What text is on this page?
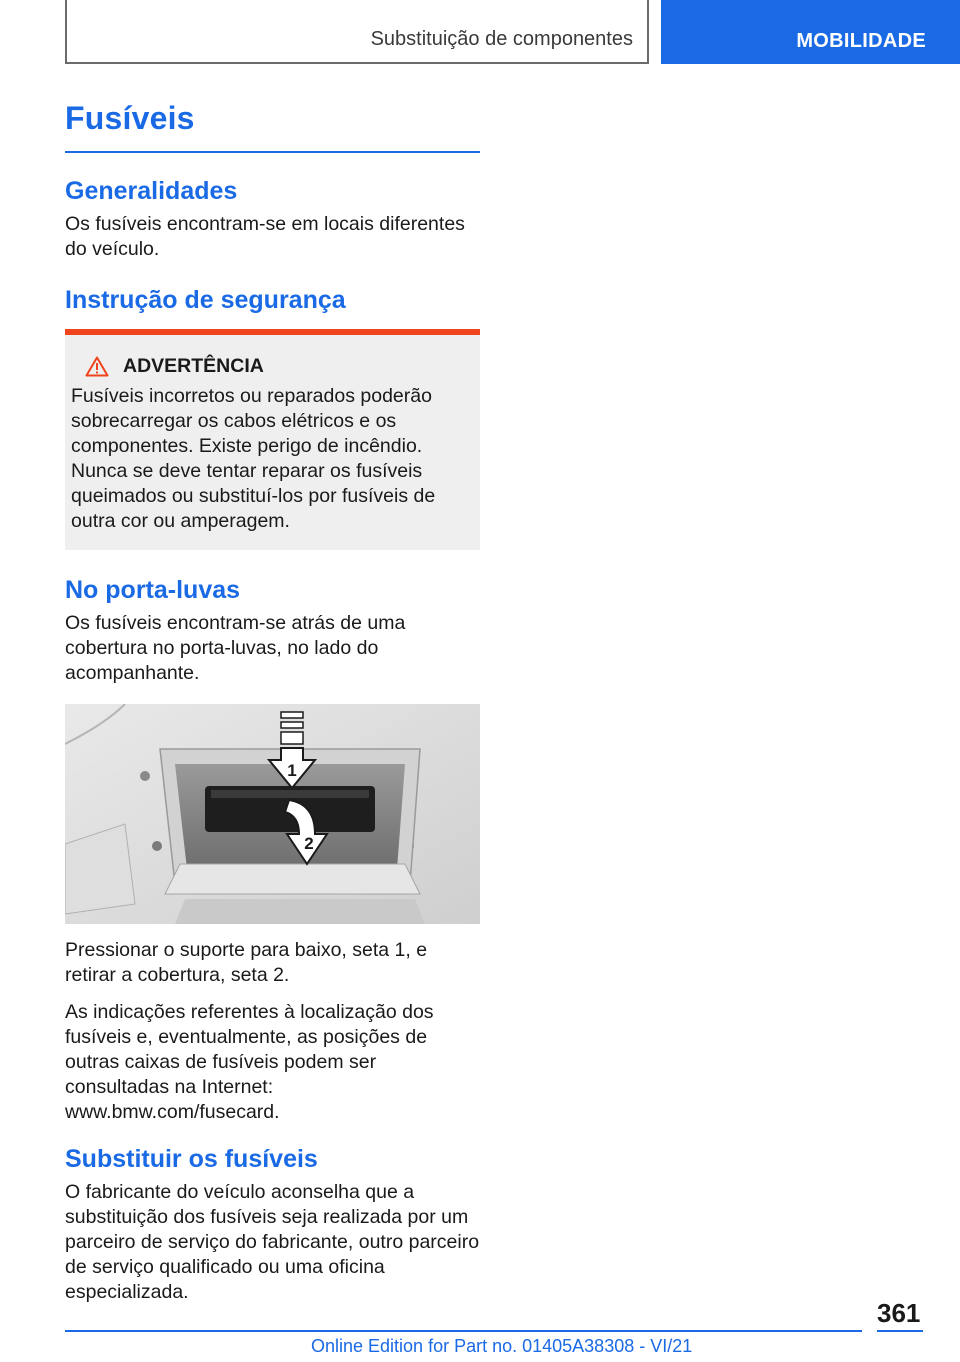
Substituição de componentes	MOBILIDADE
Fusíveis
Generalidades

Os fusíveis encontram-se em locais diferentes do veículo.

Instrução de segurança
ADVERTÊNCIA

Fusíveis incorretos ou reparados poderão sobrecarregar os cabos elétricos e os componentes. Existe perigo de incêndio. Nunca se deve tentar reparar os fusíveis queimados ou substituí-los por fusíveis de outra cor ou amperagem.

No porta-luvas

Os fusíveis encontram-se atrás de uma cobertura no porta-luvas, no lado do acompanhante.

1
2

Pressionar o suporte para baixo, seta 1, e retirar a cobertura, seta 2.

As indicações referentes à localização dos fusíveis e, eventualmente, as posições de outras caixas de fusíveis podem ser consultadas na Internet: www.bmw.com/fusecard.

Substituir os fusíveis

O fabricante do veículo aconselha que a substituição dos fusíveis seja realizada por um parceiro de serviço do fabricante, outro parceiro de serviço qualificado ou uma oficina especializada.

361
Online Edition for Part no. 01405A38308 - VI/21
